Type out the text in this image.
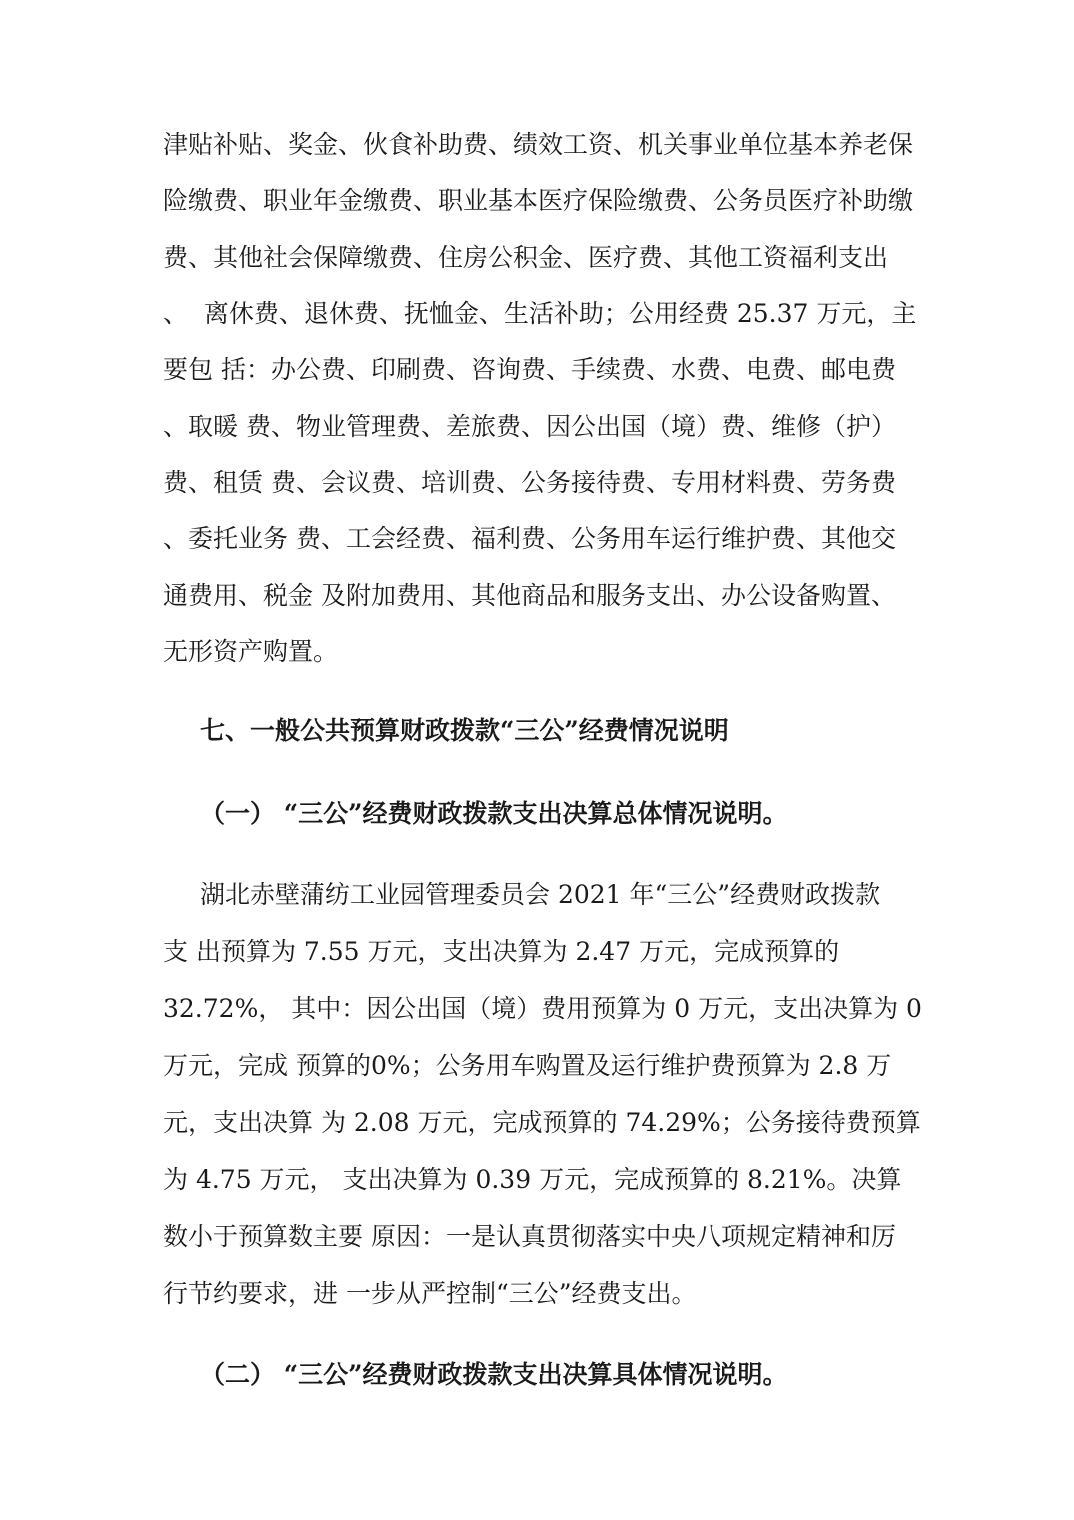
津贴补贴、奖金、伙食补助费、绩效工资、机关事业单位基本养老保
险缴费、职业年金缴费、职业基本医疗保险缴费、公务员医疗补助缴
费、其他社会保障缴费、住房公积金、医疗费、其他工资福利支出
、  离休费、退休费、抚恤金、生活补助；公用经费 25.37 万元，主
要包 括：办公费、印刷费、咨询费、手续费、水费、电费、邮电费
、取暖 费、物业管理费、差旅费、因公出国（境）费、维修（护）
费、租赁 费、会议费、培训费、公务接待费、专用材料费、劳务费
、委托业务 费、工会经费、福利费、公务用车运行维护费、其他交
通费用、税金 及附加费用、其他商品和服务支出、办公设备购置、
无形资产购置。
七、一般公共预算财政拨款“三公”经费情况说明
（一） “三公”经费财政拨款支出决算总体情况说明。
湖北赤壁蒲纺工业园管理委员会 2021 年“三公”经费财政拨款
支 出预算为 7.55 万元，支出决算为 2.47 万元，完成预算的
32.72%， 其中：因公出国（境）费用预算为 0 万元，支出决算为 0
万元，完成 预算的0%；公务用车购置及运行维护费预算为 2.8 万
元，支出决算 为 2.08 万元，完成预算的 74.29%；公务接待费预算
为 4.75 万元， 支出决算为 0.39 万元，完成预算的 8.21%。决算
数小于预算数主要 原因：一是认真贯彻落实中央八项规定精神和厉
行节约要求，进 一步从严控制“三公”经费支出。
（二） “三公”经费财政拨款支出决算具体情况说明。
